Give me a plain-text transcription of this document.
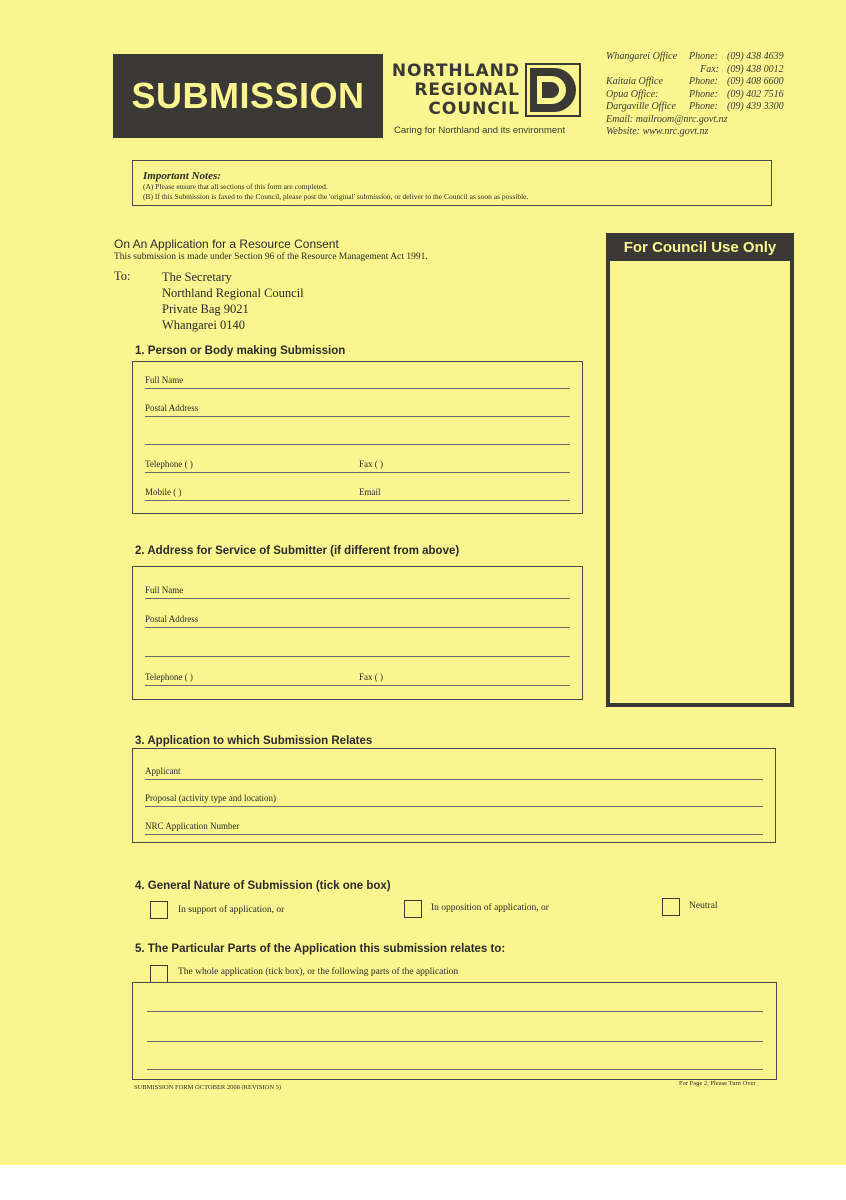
SUBMISSION
NORTHLAND
REGIONAL
COUNCIL
Caring for Northland and its environment
Whangarei Office	Phone: (09) 438 4639
Fax: (09) 438 0012
Kaitaia Office	Phone: (09) 408 6600
Opua Office:	Phone: (09) 402 7516
Dargaville Office	Phone: (09) 439 3300
Email: mailroom@nrc.govt.nz
Website: www.nrc.govt.nz
Important Notes:
(A) Please ensure that all sections of this form are completed.
(B) If this Submission is faxed to the Council, please post the 'original' submission, or deliver to the Council as soon as possible.
On An Application for a Resource Consent
This submission is made under Section 96 of the Resource Management Act 1991.
To:	The Secretary
Northland Regional Council
Private Bag 9021
Whangarei 0140
For Council Use Only
1. Person or Body making Submission
Full Name
Postal Address
Telephone ( )	Fax ( )
Mobile ( )	Email
2. Address for Service of Submitter (if different from above)
Full Name
Postal Address
Telephone ( )	Fax ( )
3. Application to which Submission Relates
Applicant
Proposal (activity type and location)
NRC Application Number
4. General Nature of Submission (tick one box)
In support of application, or	In opposition of application, or	Neutral
5. The Particular Parts of the Application this submission relates to:
The whole application (tick box), or the following parts of the application
SUBMISSION FORM OCTOBER 2008 (REVISION 3)
For Page 2, Please Turn Over
